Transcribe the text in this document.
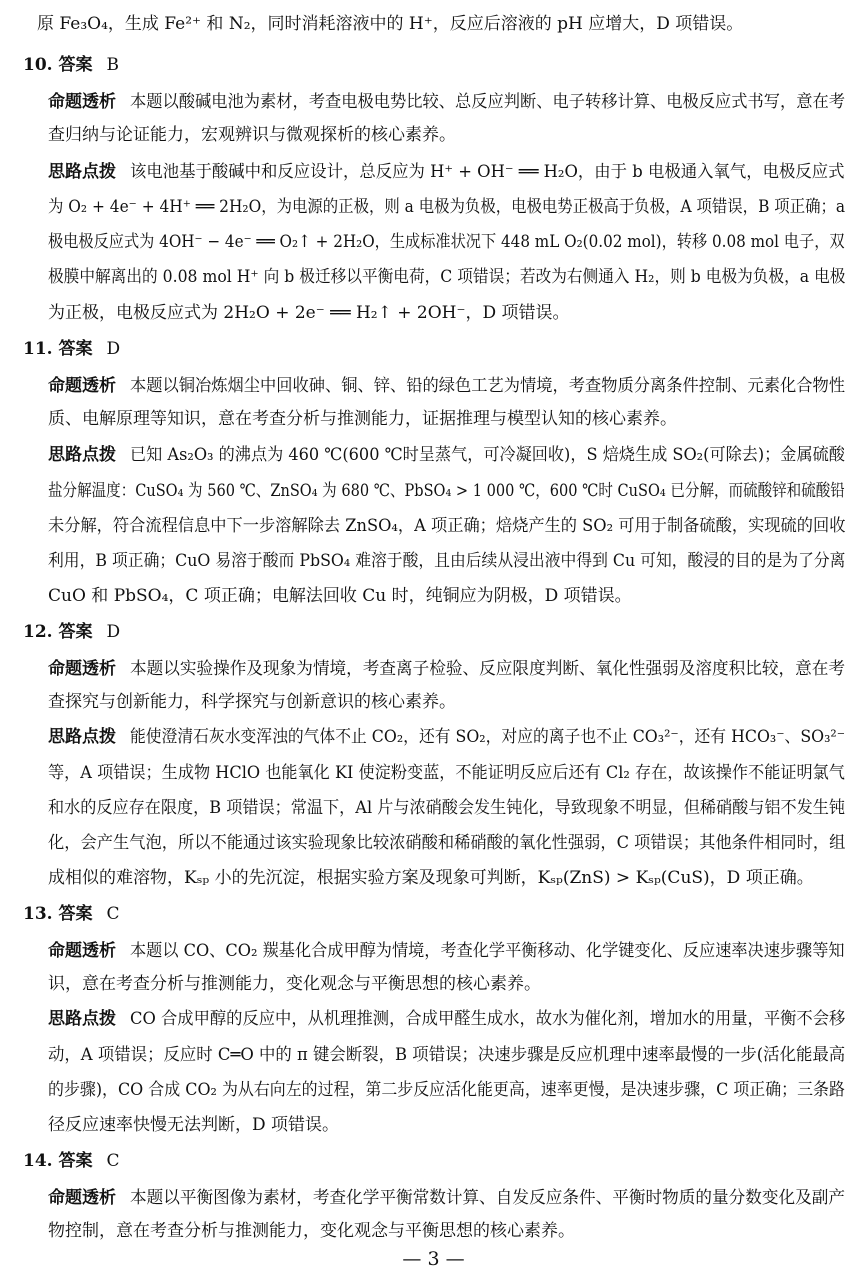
10. 答案 B
11. 答案 D
12. 答案 D
13. 答案 C
14. 答案 C
命题透析
思路点拨
命题透析
思路点拨
命题透析
思路点拨
命题透析
思路点拨
命题透析
原 Fe₃O₄，生成 Fe²⁺ 和 N₂，同时消耗溶液中的 H⁺，反应后溶液的 pH 应增大，D 项错误。
本题以酸碱电池为素材，考查电极电势比较、总反应判断、电子转移计算、电极反应式书写，意在考
查归纳与论证能力，宏观辨识与微观探析的核心素养。
该电池基于酸碱中和反应设计，总反应为 H⁺ + OH⁻ ══ H₂O，由于 b 电极通入氧气，电极反应式
为 O₂ + 4e⁻ + 4H⁺ ══ 2H₂O，为电源的正极，则 a 电极为负极，电极电势正极高于负极，A 项错误，B 项正确；a
极电极反应式为 4OH⁻ − 4e⁻ ══ O₂↑ + 2H₂O，生成标准状况下 448 mL O₂(0.02 mol)，转移 0.08 mol 电子，双
极膜中解离出的 0.08 mol H⁺ 向 b 极迁移以平衡电荷，C 项错误；若改为右侧通入 H₂，则 b 电极为负极，a 电极
为正极，电极反应式为 2H₂O + 2e⁻ ══ H₂↑ + 2OH⁻，D 项错误。
本题以铜冶炼烟尘中回收砷、铜、锌、铅的绿色工艺为情境，考查物质分离条件控制、元素化合物性
质、电解原理等知识，意在考查分析与推测能力，证据推理与模型认知的核心素养。
已知 As₂O₃ 的沸点为 460 ℃(600 ℃时呈蒸气，可冷凝回收)，S 焙烧生成 SO₂(可除去)；金属硫酸
盐分解温度：CuSO₄ 为 560 ℃、ZnSO₄ 为 680 ℃、PbSO₄ > 1 000 ℃，600 ℃时 CuSO₄ 已分解，而硫酸锌和硫酸铅
未分解，符合流程信息中下一步溶解除去 ZnSO₄，A 项正确；焙烧产生的 SO₂ 可用于制备硫酸，实现硫的回收
利用，B 项正确；CuO 易溶于酸而 PbSO₄ 难溶于酸，且由后续从浸出液中得到 Cu 可知，酸浸的目的是为了分离
CuO 和 PbSO₄，C 项正确；电解法回收 Cu 时，纯铜应为阴极，D 项错误。
本题以实验操作及现象为情境，考查离子检验、反应限度判断、氧化性强弱及溶度积比较，意在考
查探究与创新能力，科学探究与创新意识的核心素养。
能使澄清石灰水变浑浊的气体不止 CO₂，还有 SO₂，对应的离子也不止 CO₃²⁻，还有 HCO₃⁻、SO₃²⁻
等，A 项错误；生成物 HClO 也能氧化 KI 使淀粉变蓝，不能证明反应后还有 Cl₂ 存在，故该操作不能证明氯气
和水的反应存在限度，B 项错误；常温下，Al 片与浓硝酸会发生钝化，导致现象不明显，但稀硝酸与铝不发生钝
化，会产生气泡，所以不能通过该实验现象比较浓硝酸和稀硝酸的氧化性强弱，C 项错误；其他条件相同时，组
成相似的难溶物，Kₛₚ 小的先沉淀，根据实验方案及现象可判断，Kₛₚ(ZnS) > Kₛₚ(CuS)，D 项正确。
本题以 CO、CO₂ 羰基化合成甲醇为情境，考查化学平衡移动、化学键变化、反应速率决速步骤等知
识，意在考查分析与推测能力，变化观念与平衡思想的核心素养。
CO 合成甲醇的反应中，从机理推测，合成甲醛生成水，故水为催化剂，增加水的用量，平衡不会移
动，A 项错误；反应时 C═O 中的 π 键会断裂，B 项错误；决速步骤是反应机理中速率最慢的一步(活化能最高
的步骤)，CO 合成 CO₂ 为从右向左的过程，第二步反应活化能更高，速率更慢，是决速步骤，C 项正确；三条路
径反应速率快慢无法判断，D 项错误。
本题以平衡图像为素材，考查化学平衡常数计算、自发反应条件、平衡时物质的量分数变化及副产
物控制，意在考查分析与推测能力，变化观念与平衡思想的核心素养。
— 3 —
